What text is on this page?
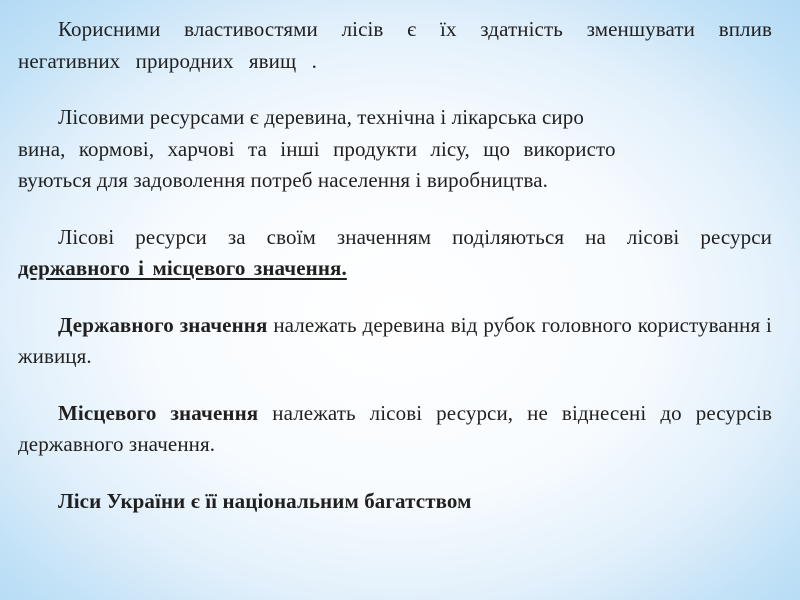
Корисними властивостями лісів є їх здатність зменшувати вплив негативних природних явищ .

Лісовими ресурсами є деревина, технічна і лікарська сиро
вина, кормові, харчові та інші продукти лісу, що використо
вуються для задоволення потреб населення і виробництва.

Лісові ресурси за своїм значенням поділяються на лісові ресурси державного і місцевого значення.

Державного значення належать деревина від рубок головного користування і живиця.

Місцевого значення належать лісові ресурси, не віднесені до ресурсів державного значення.

Ліси України є її національним багатством
